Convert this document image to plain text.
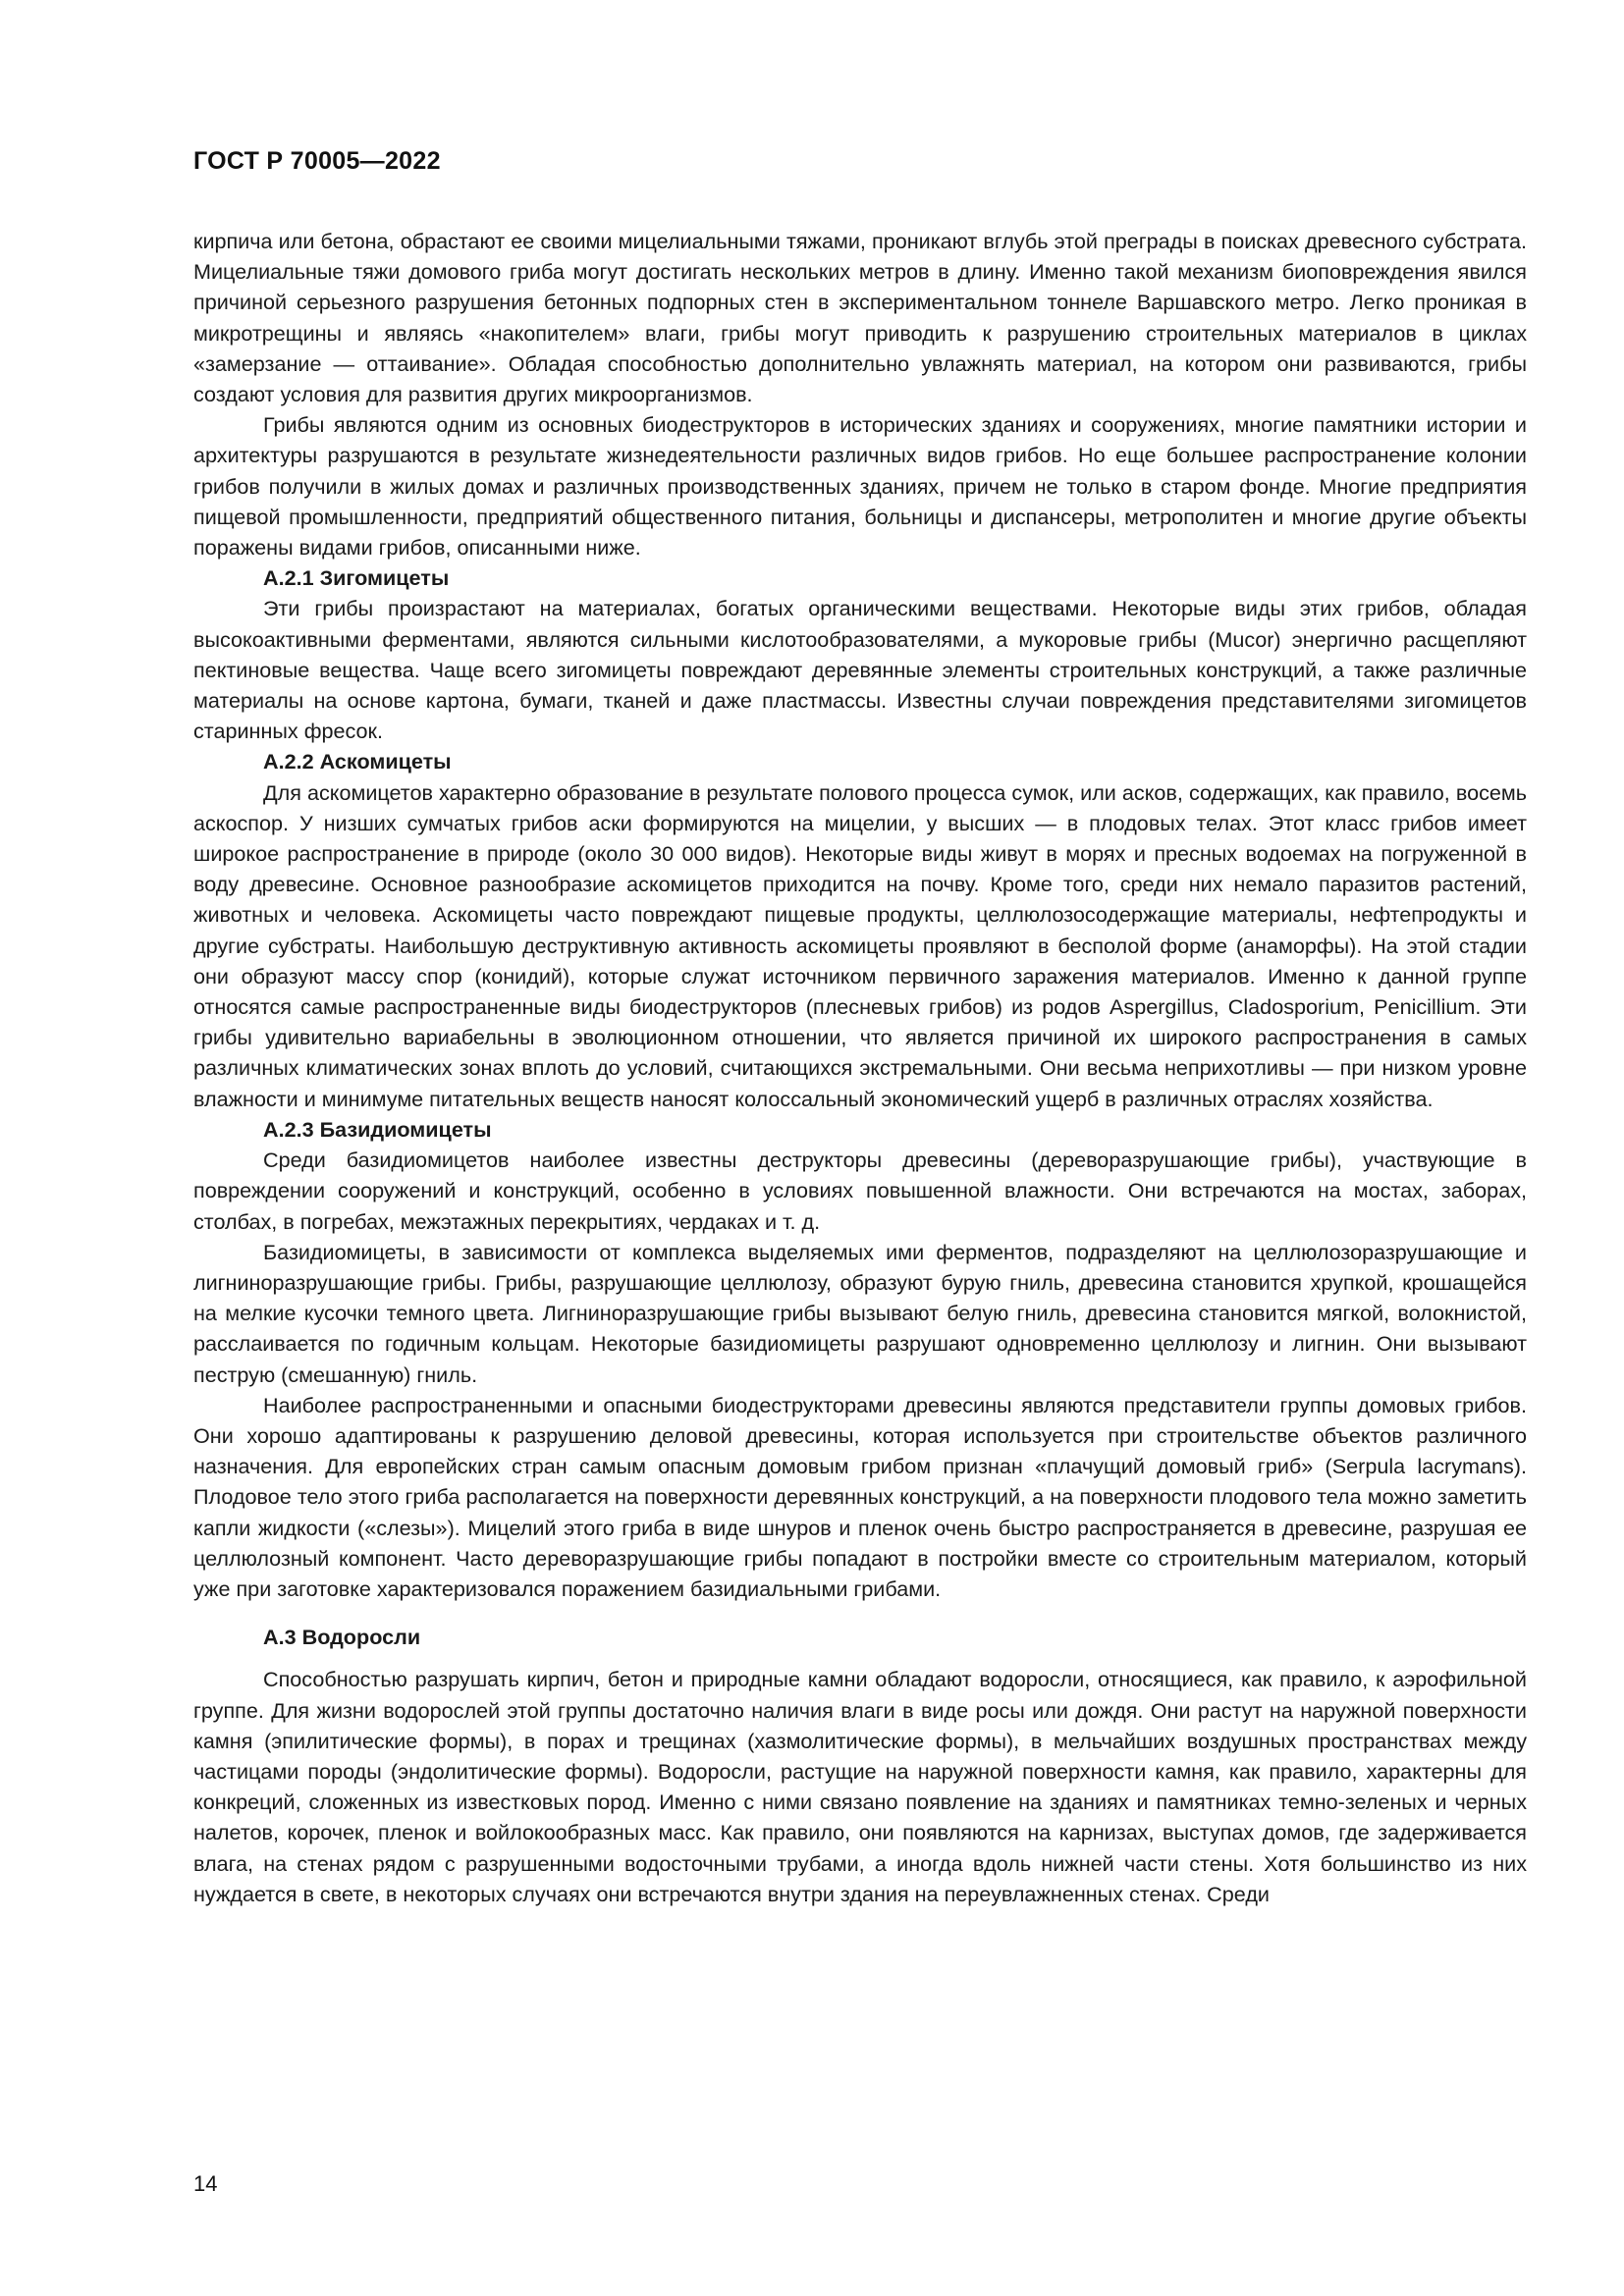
ГОСТ Р 70005—2022

кирпича или бетона, обрастают ее своими мицелиальными тяжами, проникают вглубь этой преграды в поисках древесного субстрата. Мицелиальные тяжи домового гриба могут достигать нескольких метров в длину. Именно такой механизм биоповреждения явился причиной серьезного разрушения бетонных подпорных стен в экспериментальном тоннеле Варшавского метро. Легко проникая в микротрещины и являясь «накопителем» влаги, грибы могут приводить к разрушению строительных материалов в циклах «замерзание — оттаивание». Обладая способностью дополнительно увлажнять материал, на котором они развиваются, грибы создают условия для развития других микроорганизмов.

Грибы являются одним из основных биодеструкторов в исторических зданиях и сооружениях, многие памятники истории и архитектуры разрушаются в результате жизнедеятельности различных видов грибов. Но еще большее распространение колонии грибов получили в жилых домах и различных производственных зданиях, причем не только в старом фонде. Многие предприятия пищевой промышленности, предприятий общественного питания, больницы и диспансеры, метрополитен и многие другие объекты поражены видами грибов, описанными ниже.

А.2.1 Зигомицеты

Эти грибы произрастают на материалах, богатых органическими веществами. Некоторые виды этих грибов, обладая высокоактивными ферментами, являются сильными кислотообразователями, а мукоровые грибы (Mucor) энергично расщепляют пектиновые вещества. Чаще всего зигомицеты повреждают деревянные элементы строительных конструкций, а также различные материалы на основе картона, бумаги, тканей и даже пластмассы. Известны случаи повреждения представителями зигомицетов старинных фресок.

А.2.2 Аскомицеты

Для аскомицетов характерно образование в результате полового процесса сумок, или асков, содержащих, как правило, восемь аскоспор. У низших сумчатых грибов аски формируются на мицелии, у высших — в плодовых телах. Этот класс грибов имеет широкое распространение в природе (около 30 000 видов). Некоторые виды живут в морях и пресных водоемах на погруженной в воду древесине. Основное разнообразие аскомицетов приходится на почву. Кроме того, среди них немало паразитов растений, животных и человека. Аскомицеты часто повреждают пищевые продукты, целлюлозосодержащие материалы, нефтепродукты и другие субстраты. Наибольшую деструктивную активность аскомицеты проявляют в бесполой форме (анаморфы). На этой стадии они образуют массу спор (конидий), которые служат источником первичного заражения материалов. Именно к данной группе относятся самые распространенные виды биодеструкторов (плесневых грибов) из родов Aspergillus, Cladosporium, Penicillium. Эти грибы удивительно вариабельны в эволюционном отношении, что является причиной их широкого распространения в самых различных климатических зонах вплоть до условий, считающихся экстремальными. Они весьма неприхотливы — при низком уровне влажности и минимуме питательных веществ наносят колоссальный экономический ущерб в различных отраслях хозяйства.

А.2.3 Базидиомицеты

Среди базидиомицетов наиболее известны деструкторы древесины (дереворазрушающие грибы), участвующие в повреждении сооружений и конструкций, особенно в условиях повышенной влажности. Они встречаются на мостах, заборах, столбах, в погребах, межэтажных перекрытиях, чердаках и т. д.

Базидиомицеты, в зависимости от комплекса выделяемых ими ферментов, подразделяют на целлюлозоразрушающие и лигниноразрушающие грибы. Грибы, разрушающие целлюлозу, образуют бурую гниль, древесина становится хрупкой, крошащейся на мелкие кусочки темного цвета. Лигниноразрушающие грибы вызывают белую гниль, древесина становится мягкой, волокнистой, расслаивается по годичным кольцам. Некоторые базидиомицеты разрушают одновременно целлюлозу и лигнин. Они вызывают пеструю (смешанную) гниль.

Наиболее распространенными и опасными биодеструкторами древесины являются представители группы домовых грибов. Они хорошо адаптированы к разрушению деловой древесины, которая используется при строительстве объектов различного назначения. Для европейских стран самым опасным домовым грибом признан «плачущий домовый гриб» (Serpula lacrymans). Плодовое тело этого гриба располагается на поверхности деревянных конструкций, а на поверхности плодового тела можно заметить капли жидкости («слезы»). Мицелий этого гриба в виде шнуров и пленок очень быстро распространяется в древесине, разрушая ее целлюлозный компонент. Часто дереворазрушающие грибы попадают в постройки вместе со строительным материалом, который уже при заготовке характеризовался поражением базидиальными грибами.

А.3 Водоросли

Способностью разрушать кирпич, бетон и природные камни обладают водоросли, относящиеся, как правило, к аэрофильной группе. Для жизни водорослей этой группы достаточно наличия влаги в виде росы или дождя. Они растут на наружной поверхности камня (эпилитические формы), в порах и трещинах (хазмолитические формы), в мельчайших воздушных пространствах между частицами породы (эндолитические формы). Водоросли, растущие на наружной поверхности камня, как правило, характерны для конкреций, сложенных из известковых пород. Именно с ними связано появление на зданиях и памятниках темно-зеленых и черных налетов, корочек, пленок и войлокообразных масс. Как правило, они появляются на карнизах, выступах домов, где задерживается влага, на стенах рядом с разрушенными водосточными трубами, а иногда вдоль нижней части стены. Хотя большинство из них нуждается в свете, в некоторых случаях они встречаются внутри здания на переувлажненных стенах. Среди

14
